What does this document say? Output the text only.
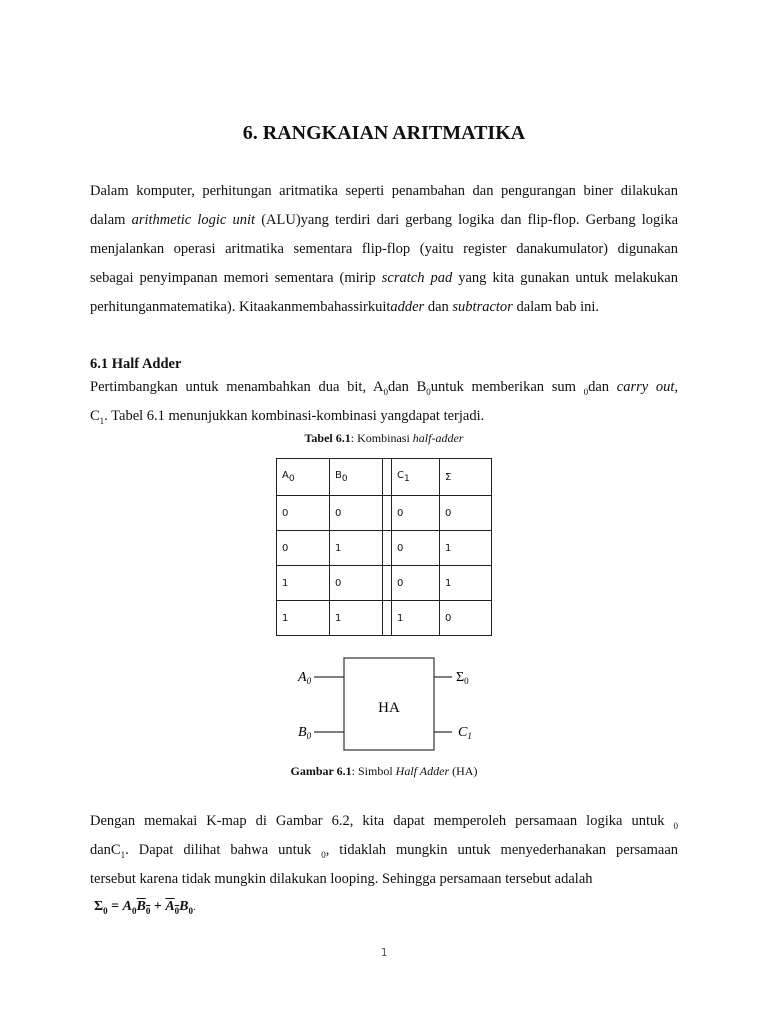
6. RANGKAIAN ARITMATIKA
Dalam komputer, perhitungan aritmatika seperti penambahan dan pengurangan biner dilakukan
dalam arithmetic logic unit (ALU)yang terdiri dari gerbang logika dan flip-flop. Gerbang logika
menjalankan operasi aritmatika sementara flip-flop (yaitu register danakumulator) digunakan
sebagai penyimpanan memori sementara (mirip scratch pad yang kita gunakan untuk melakukan
perhitunganmatematika). Kitaakanmembahassirkuitadder dan subtractor dalam bab ini.
6.1 Half Adder
Pertimbangkan untuk menambahkan dua bit, $A_0dan$ $B_0untuk$ memberikan sum $_0$dan carry out,
$C_1$. Tabel 6.1 menunjukkan kombinasi-kombinasi yangdapat terjadi.
Tabel 6.1: Kombinasi half-adder
$A_0$	$B_0$		$C_1$	Σ
0	0		0	0
0	1		0	1
1	0		0	1
1	1		1	0
HA
$A_0$
$B_0$
$\Sigma_0$
$C_1$
Gambar 6.1: Simbol Half Adder (HA)
Dengan memakai K-map di Gambar 6.2, kita dapat memperoleh persamaan logika untuk $_0$
danC$_1$. Dapat dilihat bahwa untuk $_0$, tidaklah mungkin untuk menyederhanakan persamaan
tersebut karena tidak mungkin dilakukan looping. Sehingga persamaan tersebut adalah
$\Sigma_0 = A_0\overline{B}_0 + \overline{A}_0B_0$.
1
